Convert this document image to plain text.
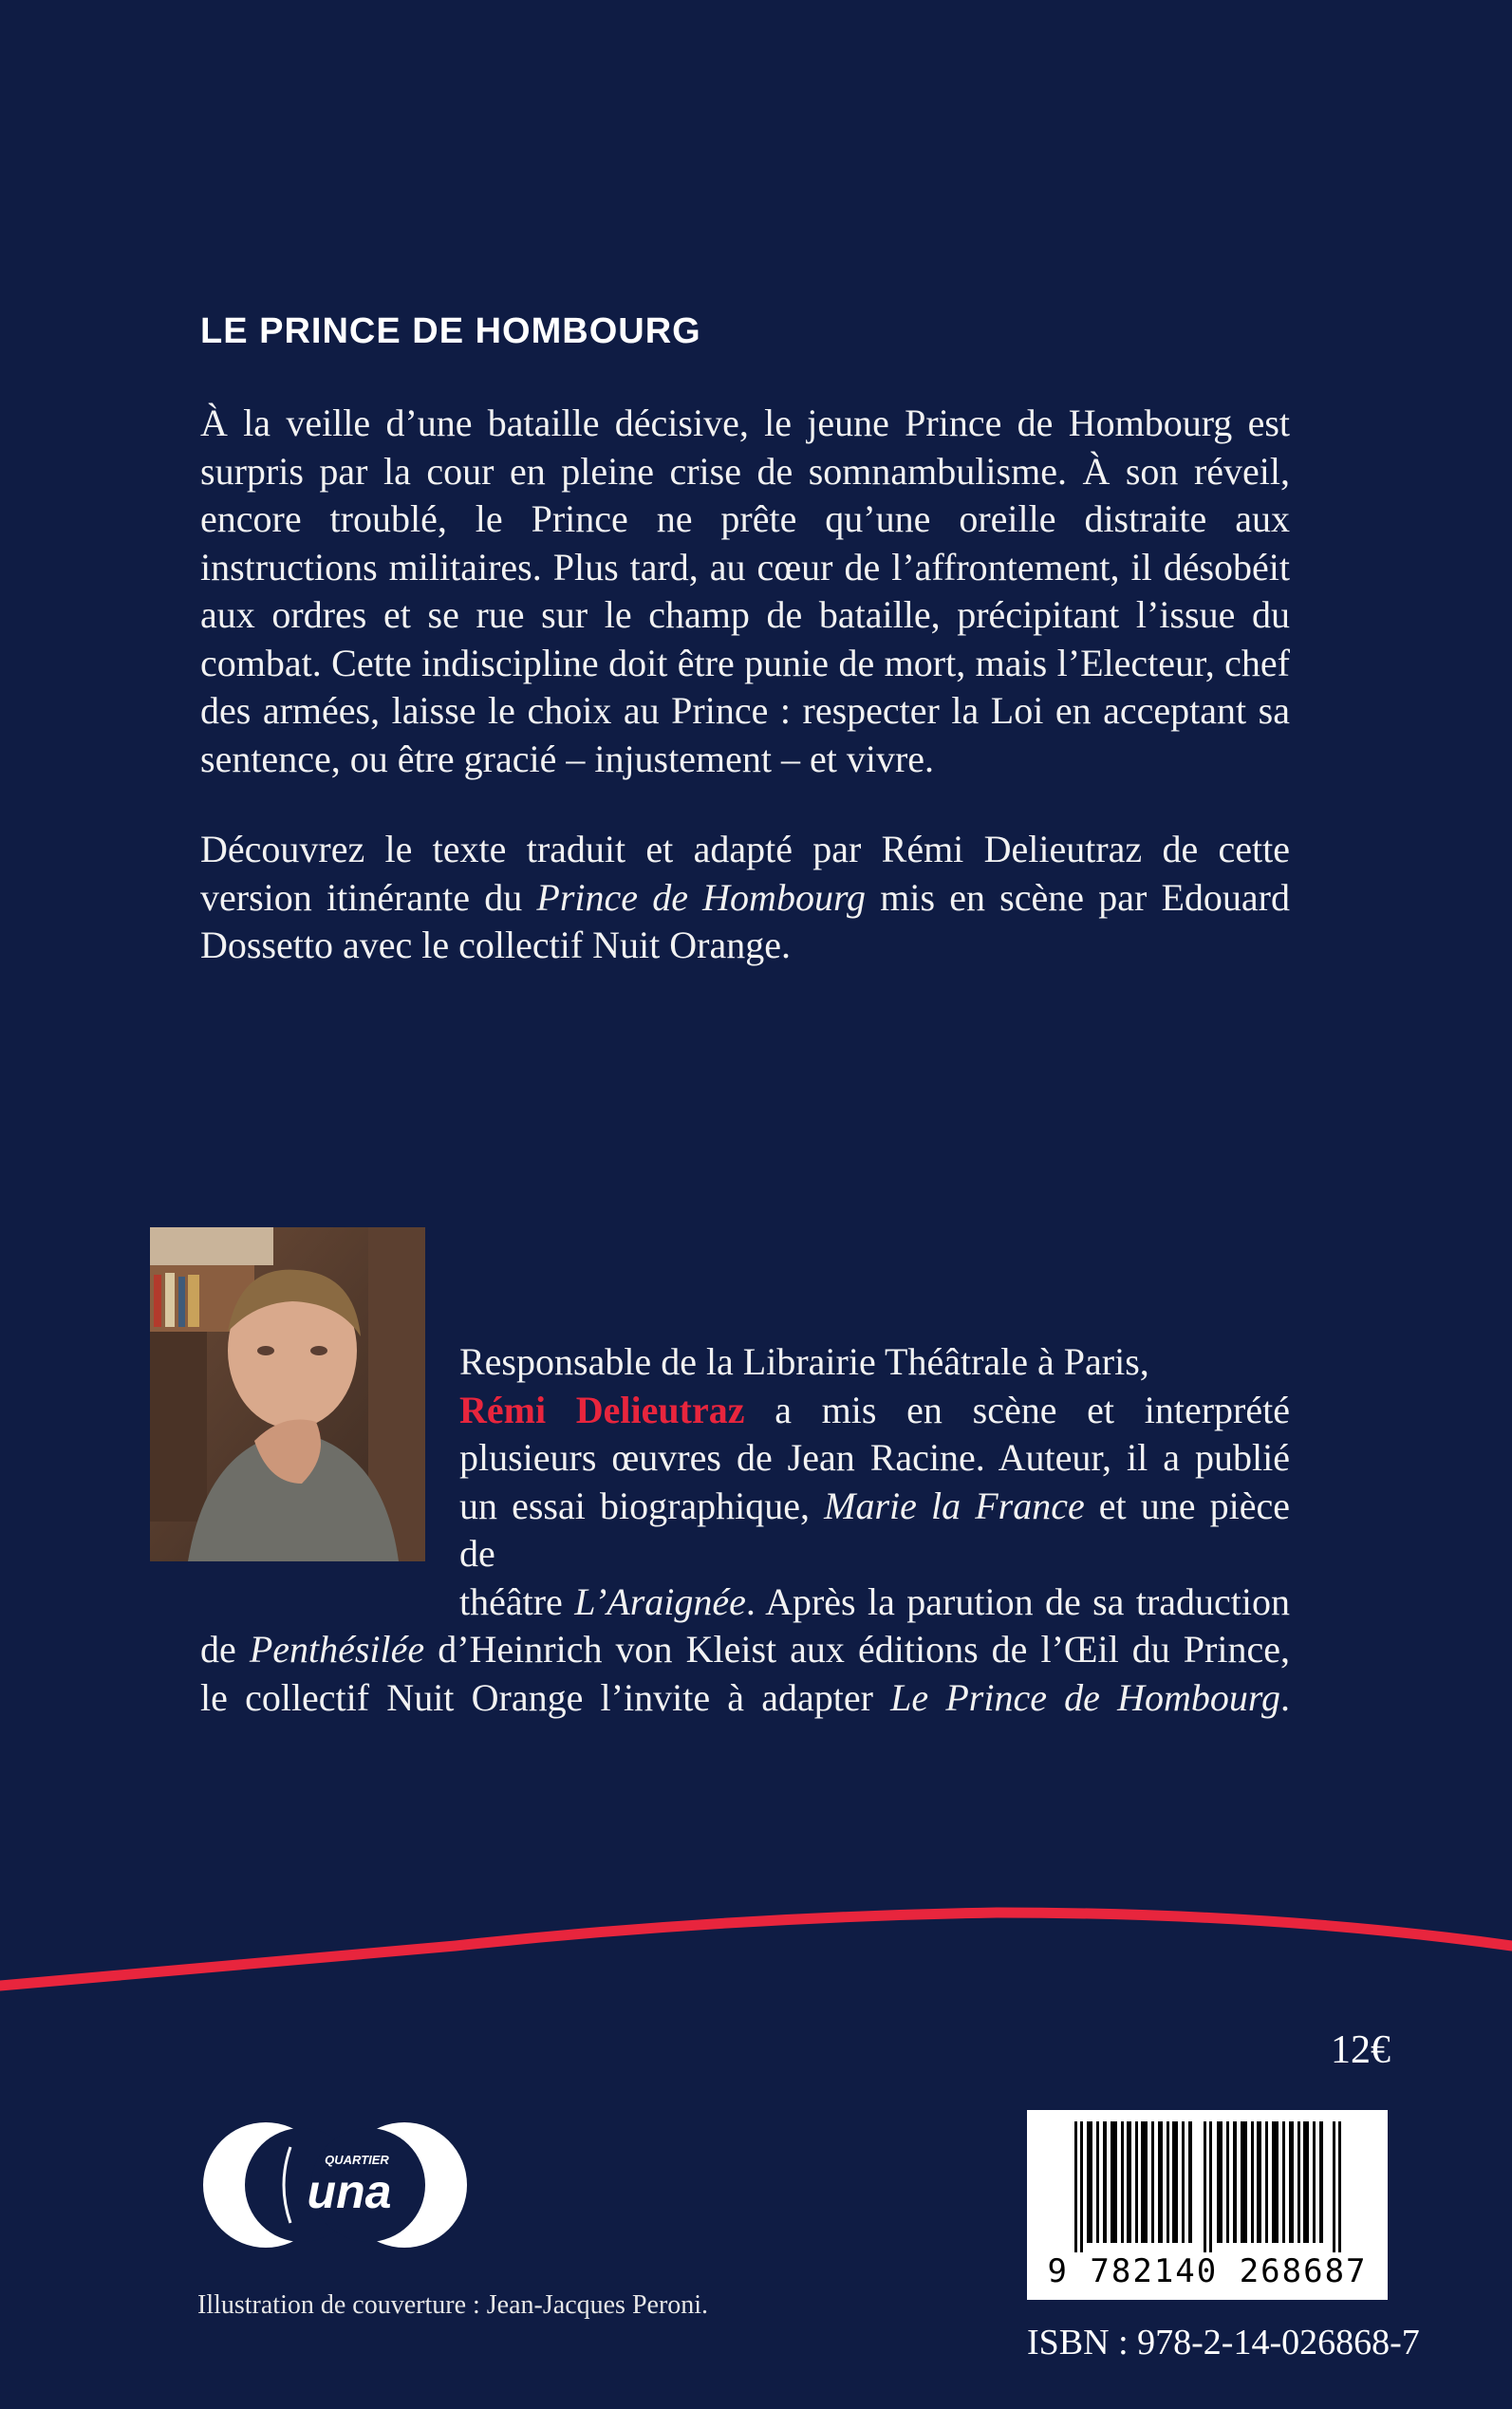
LE PRINCE DE HOMBOURG

À la veille d’une bataille décisive, le jeune Prince de Hombourg est surpris par la cour en pleine crise de somnambulisme. À son réveil, encore troublé, le Prince ne prête qu’une oreille distraite aux instructions militaires. Plus tard, au cœur de l’affrontement, il désobéit aux ordres et se rue sur le champ de bataille, précipitant l’issue du combat. Cette indiscipline doit être punie de mort, mais l’Electeur, chef des armées, laisse le choix au Prince : respecter la Loi en acceptant sa sentence, ou être gracié – injustement – et vivre.

Découvrez le texte traduit et adapté par Rémi Delieutraz de cette version itinérante du Prince de Hombourg mis en scène par Edouard Dossetto avec le collectif Nuit Orange.

Responsable de la Librairie Théâtrale à Paris,
Rémi Delieutraz a mis en scène et interprété
plusieurs œuvres de Jean Racine. Auteur, il a publié
un essai biographique, Marie la France et une pièce de
théâtre L’Araignée. Après la parution de sa traduction
de Penthésilée d’Heinrich von Kleist aux éditions de l’Œil du Prince,
le collectif Nuit Orange l’invite à adapter Le Prince de Hombourg.
12€
QUARTIER
una
Illustration de couverture : Jean-Jacques Peroni.
9 782140 268687
ISBN : 978-2-14-026868-7
